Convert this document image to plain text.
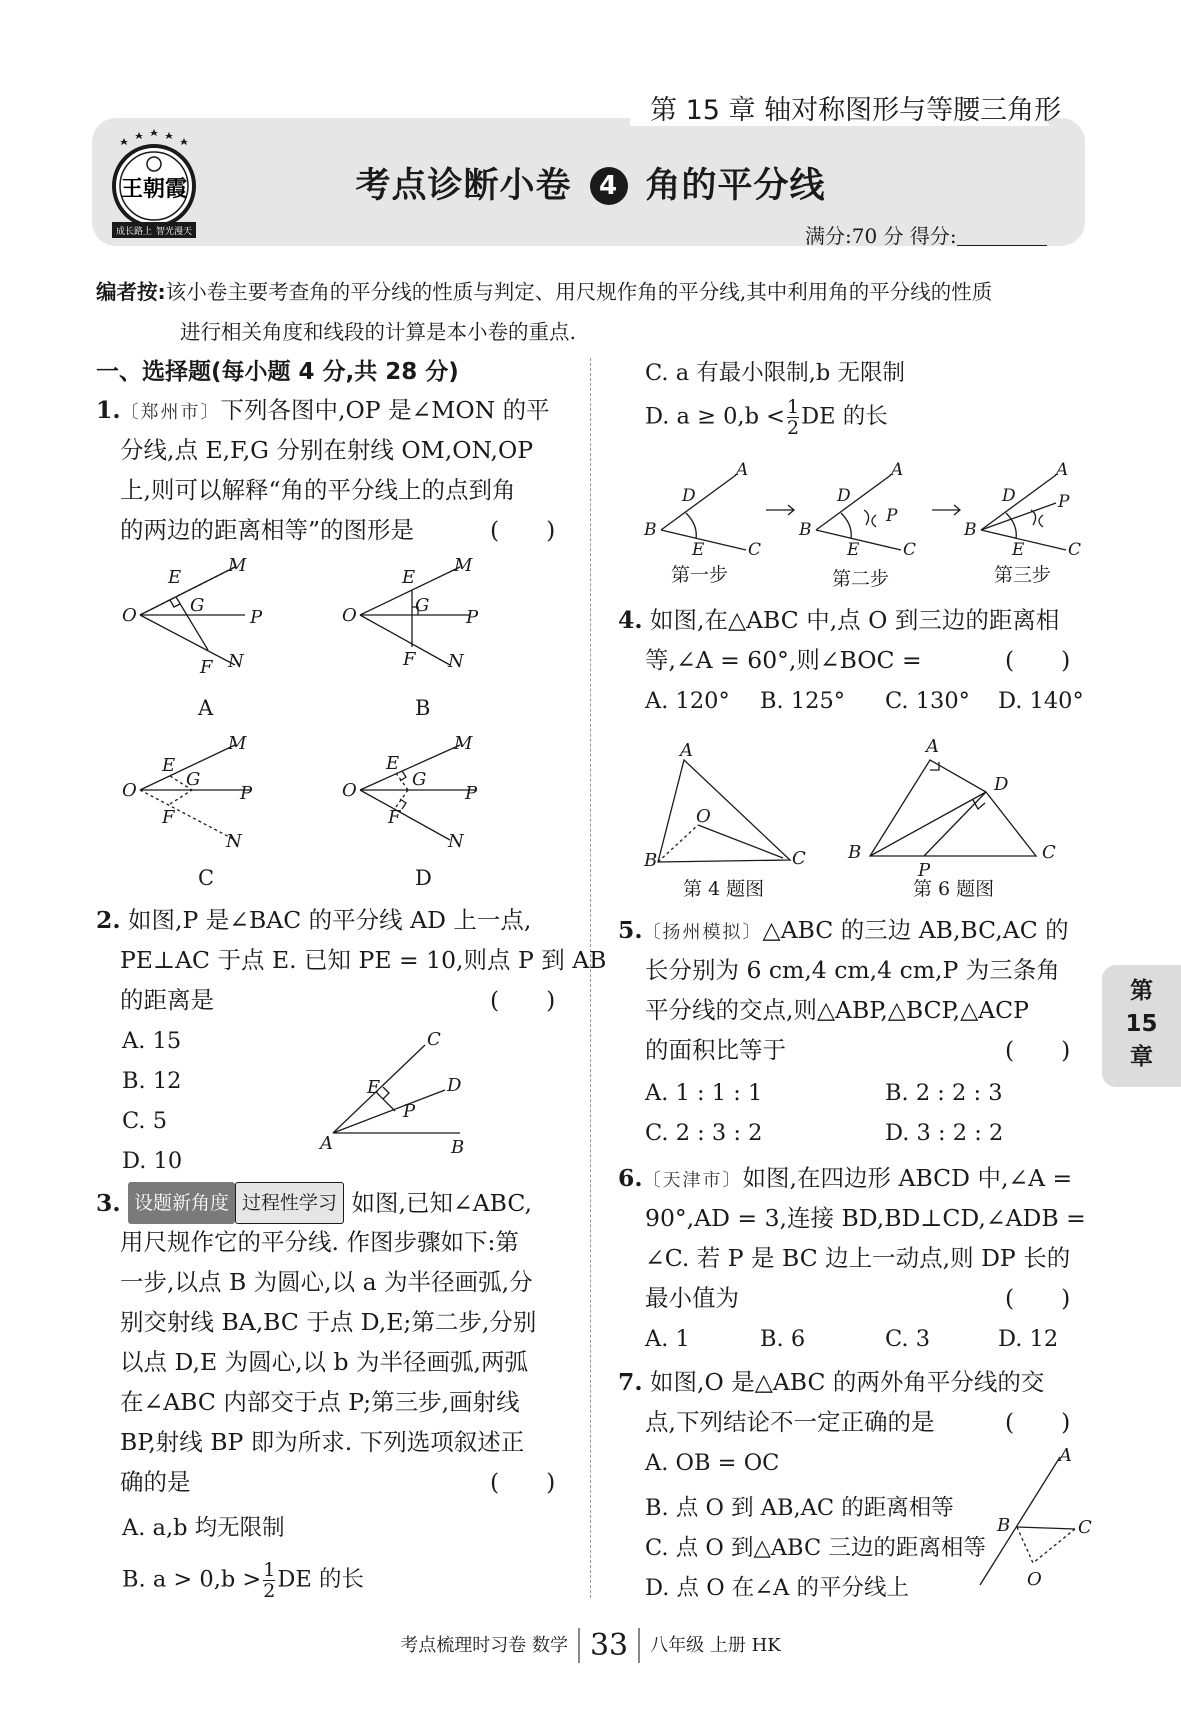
第 15 章 轴对称图形与等腰三角形
王朝霞
成长路上 智光漫天
考点诊断小卷 4 角的平分线
满分:70 分 得分:
编者按:该小卷主要考查角的平分线的性质与判定、用尺规作角的平分线,其中利用角的平分线的性质
进行相关角度和线段的计算是本小卷的重点.
一、选择题(每小题 4 分,共 28 分)
1.〔郑州市〕下列各图中,OP 是∠MON 的平
分线,点 E,F,G 分别在射线 OM,ON,OP
上,则可以解释“角的平分线上的点到角
的两边的距离相等”的图形是	(　　)
O
E
M
G
P
F N
O
E
M
G
P
F N
O
E
M
G
P
F
N
O
E
M
G
P
F
N
A	B
C	D
2. 如图,P 是∠BAC 的平分线 AD 上一点,
PE⊥AC 于点 E. 已知 PE = 10,则点 P 到 AB
的距离是	(　　)
A. 15
B. 12
C. 5
D. 10
A
C
D
E
P
B
3. 设题新角度 过程性学习 如图,已知∠ABC,
用尺规作它的平分线. 作图步骤如下:第
一步,以点 B 为圆心,以 a 为半径画弧,分
别交射线 BA,BC 于点 D,E;第二步,分别
以点 D,E 为圆心,以 b 为半径画弧,两弧
在∠ABC 内部交于点 P;第三步,画射线
BP,射线 BP 即为所求. 下列选项叙述正
确的是	(　　)
A. a,b 均无限制
B. $a > 0,b > \frac{1}{2}$ DE 的长
C. a 有最小限制,b 无限制
D. $a \ge 0,b < \frac{1}{2}$ DE 的长
B
A
D
E	C
B
A
D
E	C
P
B
A
D
E	C
P
第一步	第二步	第三步
4. 如图,在△ABC 中,点 O 到三边的距离相
等,∠A = 60°,则∠BOC =	(　　)
A. 120° B. 125° C. 130° D. 140°
A
B	C
O
A
B	C
D
P
第 4 题图	第 6 题图
5.〔扬州模拟〕△ABC 的三边 AB,BC,AC 的
长分别为 6 cm,4 cm,4 cm,P 为三条角
平分线的交点,则△ABP,△BCP,△ACP
的面积比等于	(　　)
A. 1 : 1 : 1	B. 2 : 2 : 3
C. 2 : 3 : 2	D. 3 : 2 : 2
6.〔天津市〕如图,在四边形 ABCD 中,∠A =
90°,AD = 3,连接 BD,BD⊥CD,∠ADB =
∠C. 若 P 是 BC 边上一动点,则 DP 长的
最小值为	(　　)
A. 1	B. 6	C. 3	D. 12
7. 如图,O 是△ABC 的两外角平分线的交
点,下列结论不一定正确的是	(　　)
A. OB = OC
B. 点 O 到 AB,AC 的距离相等
C. 点 O 到△ABC 三边的距离相等
D. 点 O 在∠A 的平分线上
A
B	C
O
第
15
章
考点梳理时习卷 数学 33 八年级 上册 HK
